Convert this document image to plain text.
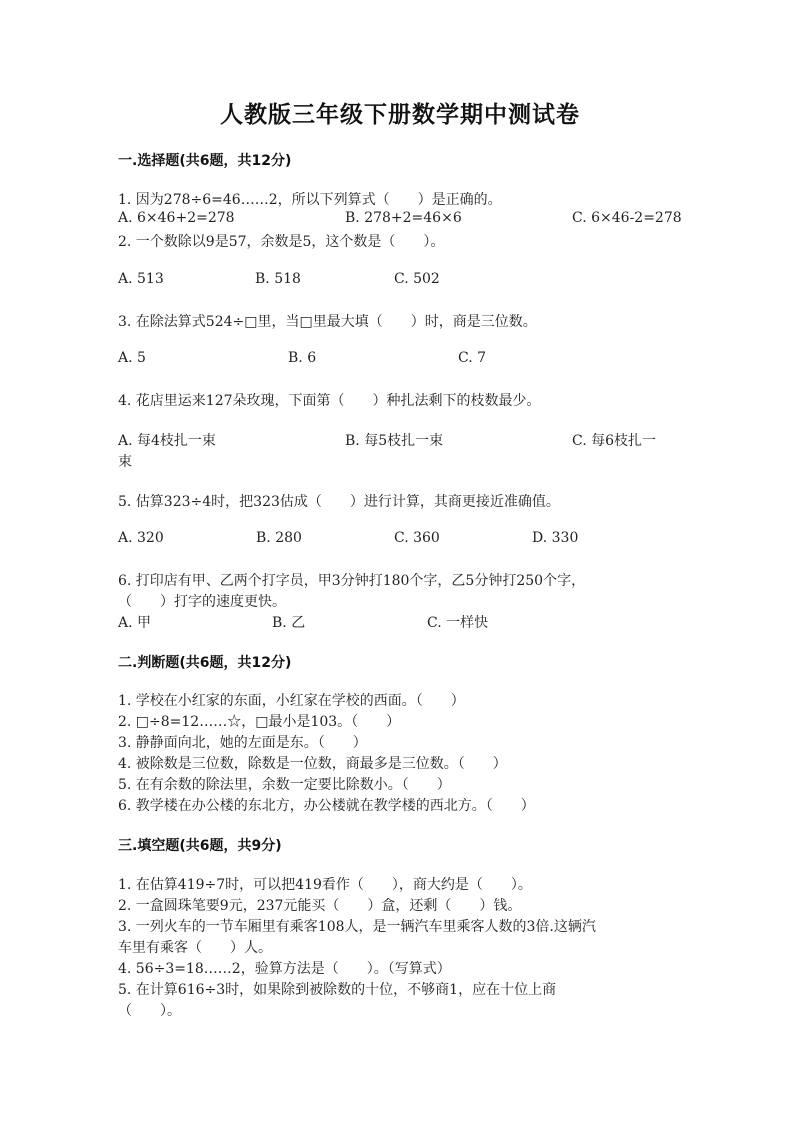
人教版三年级下册数学期中测试卷
一.选择题(共6题，共12分)
1. 因为278÷6=46……2，所以下列算式（　　）是正确的。
A. 6×46+2=278	B. 278+2=46×6	C. 6×46-2=278
2. 一个数除以9是57，余数是5，这个数是（　　）。
A. 513	B. 518	C. 502
3. 在除法算式524÷□里，当□里最大填（　　）时，商是三位数。
A. 5	B. 6	C. 7
4. 花店里运来127朵玫瑰，下面第（　　）种扎法剩下的枝数最少。
A. 每4枝扎一束	B. 每5枝扎一束	C. 每6枝扎一
束
5. 估算323÷4时，把323估成（　　）进行计算，其商更接近准确值。
A. 320	B. 280	C. 360	D. 330
6. 打印店有甲、乙两个打字员，甲3分钟打180个字，乙5分钟打250个字，
（　　）打字的速度更快。
A. 甲	B. 乙	C. 一样快
二.判断题(共6题，共12分)
1. 学校在小红家的东面，小红家在学校的西面。（　　）
2. □÷8=12……☆，□最小是103。（　　）
3. 静静面向北，她的左面是东。（　　）
4. 被除数是三位数，除数是一位数，商最多是三位数。（　　）
5. 在有余数的除法里，余数一定要比除数小。（　　）
6. 教学楼在办公楼的东北方，办公楼就在教学楼的西北方。（　　）
三.填空题(共6题，共9分)
1. 在估算419÷7时，可以把419看作（　　），商大约是（　　）。
2. 一盒圆珠笔要9元，237元能买（　　）盒，还剩（　　）钱。
3. 一列火车的一节车厢里有乘客108人，是一辆汽车里乘客人数的3倍.这辆汽
车里有乘客（　　）人。
4. 56÷3=18……2，验算方法是（　　）。（写算式）
5. 在计算616÷3时，如果除到被除数的十位，不够商1，应在十位上商
（　　）。
